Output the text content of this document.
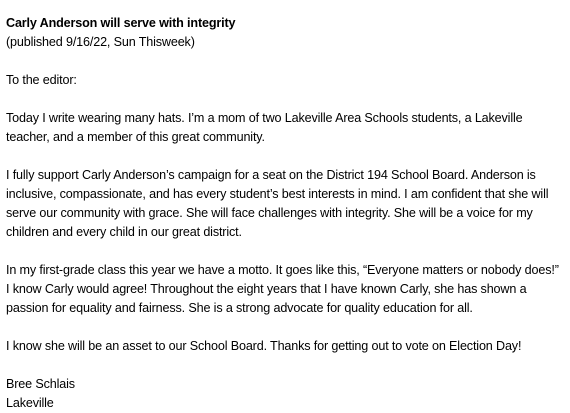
Carly Anderson will serve with integrity

(published 9/16/22, Sun Thisweek)

To the editor:

Today I write wearing many hats. I’m a mom of two Lakeville Area Schools students, a Lakeville teacher, and a member of this great community.

I fully support Carly Anderson’s campaign for a seat on the District 194 School Board. Anderson is inclusive, compassionate, and has every student’s best interests in mind. I am confident that she will serve our community with grace. She will face challenges with integrity. She will be a voice for my children and every child in our great district.

In my first-grade class this year we have a motto. It goes like this, “Everyone matters or nobody does!” I know Carly would agree! Throughout the eight years that I have known Carly, she has shown a passion for equality and fairness. She is a strong advocate for quality education for all.

I know she will be an asset to our School Board. Thanks for getting out to vote on Election Day!

Bree Schlais
Lakeville
